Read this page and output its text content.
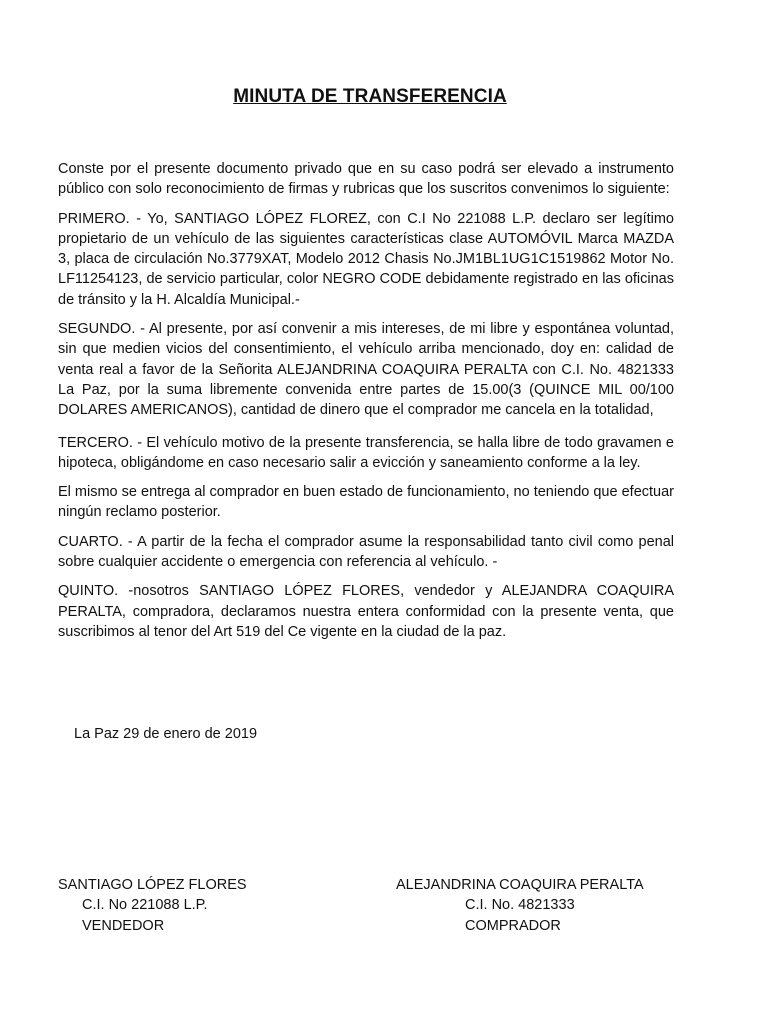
MINUTA DE TRANSFERENCIA

Conste por el presente documento privado que en su caso podrá ser elevado a instrumento público con solo reconocimiento de firmas y rubricas que los suscritos convenimos lo siguiente:

PRIMERO. - Yo, SANTIAGO LÓPEZ FLOREZ, con C.I No 221088 L.P. declaro ser legítimo propietario de un vehículo de las siguientes características clase AUTOMÓVIL Marca MAZDA 3, placa de circulación No.3779XAT, Modelo 2012 Chasis No.JM1BL1UG1C1519862 Motor No. LF11254123, de servicio particular, color NEGRO CODE debidamente registrado en las oficinas de tránsito y la H. Alcaldía Municipal.-

SEGUNDO. - Al presente, por así convenir a mis intereses, de mi libre y espontánea voluntad, sin que medien vicios del consentimiento, el vehículo arriba mencionado, doy en: calidad de venta real a favor de la Señorita ALEJANDRINA COAQUIRA PERALTA con C.I. No. 4821333 La Paz, por la suma libremente convenida entre partes de 15.00(3 (QUINCE MIL 00/100 DOLARES AMERICANOS), cantidad de dinero que el comprador me cancela en la totalidad,

TERCERO. - El vehículo motivo de la presente transferencia, se halla libre de todo gravamen e hipoteca, obligándome en caso necesario salir a evicción y saneamiento conforme a la ley.

El mismo se entrega al comprador en buen estado de funcionamiento, no teniendo que efectuar ningún reclamo posterior.

CUARTO. - A partir de la fecha el comprador asume la responsabilidad tanto civil como penal sobre cualquier accidente o emergencia con referencia al vehículo. -

QUINTO. -nosotros SANTIAGO LÓPEZ FLORES, vendedor y ALEJANDRA COAQUIRA PERALTA, compradora, declaramos nuestra entera conformidad con la presente venta, que suscribimos al tenor del Art 519 del Ce vigente en la ciudad de la paz.

La Paz 29 de enero de 2019
SANTIAGO LÓPEZ FLORES
C.I. No 221088 L.P.
VENDEDOR
ALEJANDRINA COAQUIRA PERALTA
C.I. No. 4821333
COMPRADOR
